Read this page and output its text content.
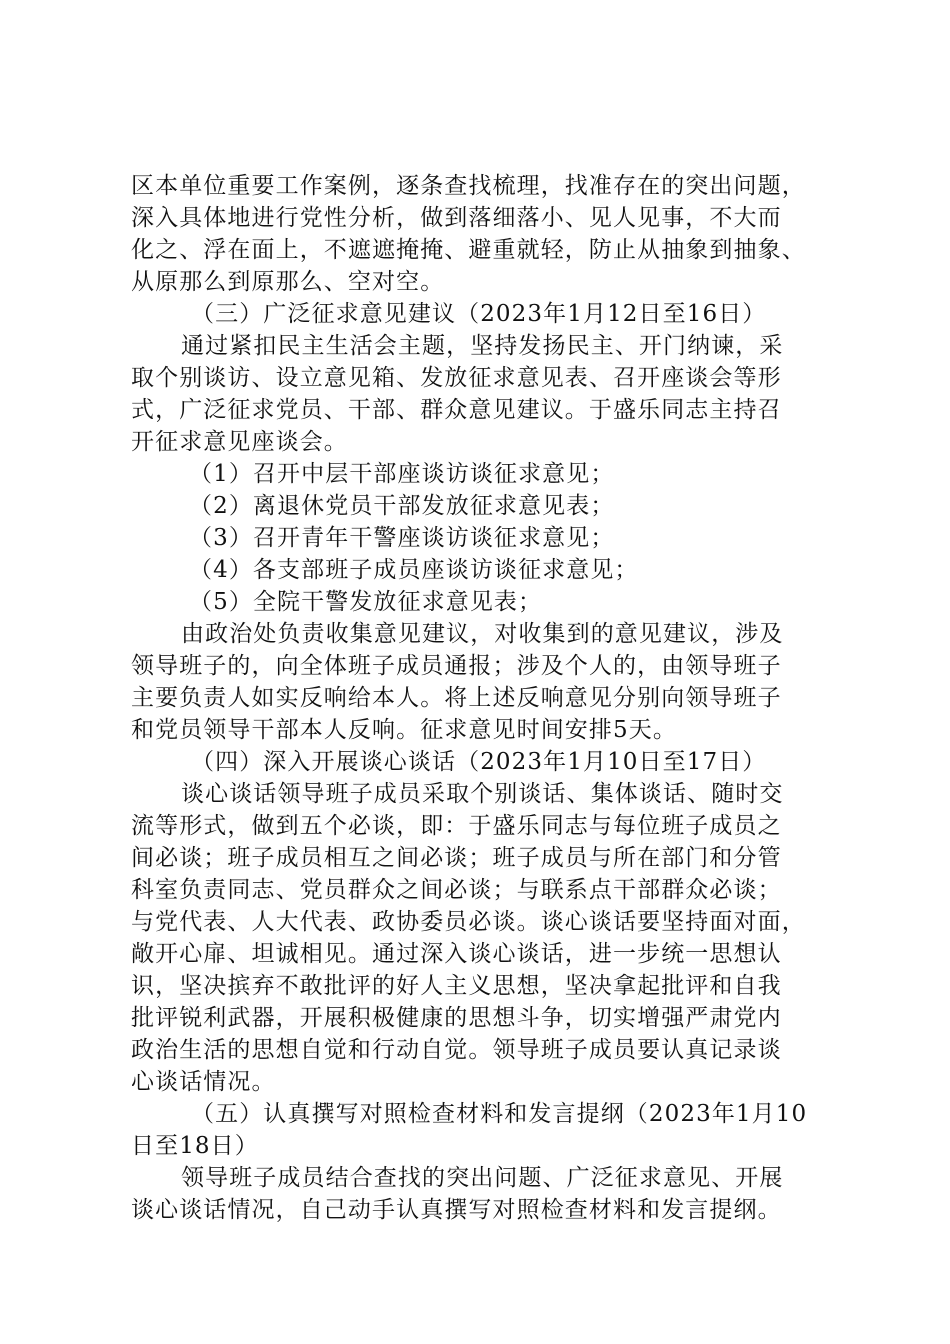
区本单位重要工作案例，逐条查找梳理，找准存在的突出问题，
深入具体地进行党性分析，做到落细落小、见人见事，不大而
化之、浮在面上，不遮遮掩掩、避重就轻，防止从抽象到抽象、
从原那么到原那么、空对空。
（三）广泛征求意见建议（2023年1月12日至16日）
通过紧扣民主生活会主题，坚持发扬民主、开门纳谏，采
取个别谈访、设立意见箱、发放征求意见表、召开座谈会等形
式，广泛征求党员、干部、群众意见建议。于盛乐同志主持召
开征求意见座谈会。
（1）召开中层干部座谈访谈征求意见；
（2）离退休党员干部发放征求意见表；
（3）召开青年干警座谈访谈征求意见；
（4）各支部班子成员座谈访谈征求意见；
（5）全院干警发放征求意见表；
由政治处负责收集意见建议，对收集到的意见建议，涉及
领导班子的，向全体班子成员通报；涉及个人的，由领导班子
主要负责人如实反响给本人。将上述反响意见分别向领导班子
和党员领导干部本人反响。征求意见时间安排5天。
（四）深入开展谈心谈话（2023年1月10日至17日）
谈心谈话领导班子成员采取个别谈话、集体谈话、随时交
流等形式，做到五个必谈，即：于盛乐同志与每位班子成员之
间必谈；班子成员相互之间必谈；班子成员与所在部门和分管
科室负责同志、党员群众之间必谈；与联系点干部群众必谈；
与党代表、人大代表、政协委员必谈。谈心谈话要坚持面对面，
敞开心扉、坦诚相见。通过深入谈心谈话，进一步统一思想认
识，坚决摈弃不敢批评的好人主义思想，坚决拿起批评和自我
批评锐利武器，开展积极健康的思想斗争，切实增强严肃党内
政治生活的思想自觉和行动自觉。领导班子成员要认真记录谈
心谈话情况。
（五）认真撰写对照检查材料和发言提纲（2023年1月10
日至18日）
领导班子成员结合查找的突出问题、广泛征求意见、开展
谈心谈话情况，自己动手认真撰写对照检查材料和发言提纲。
